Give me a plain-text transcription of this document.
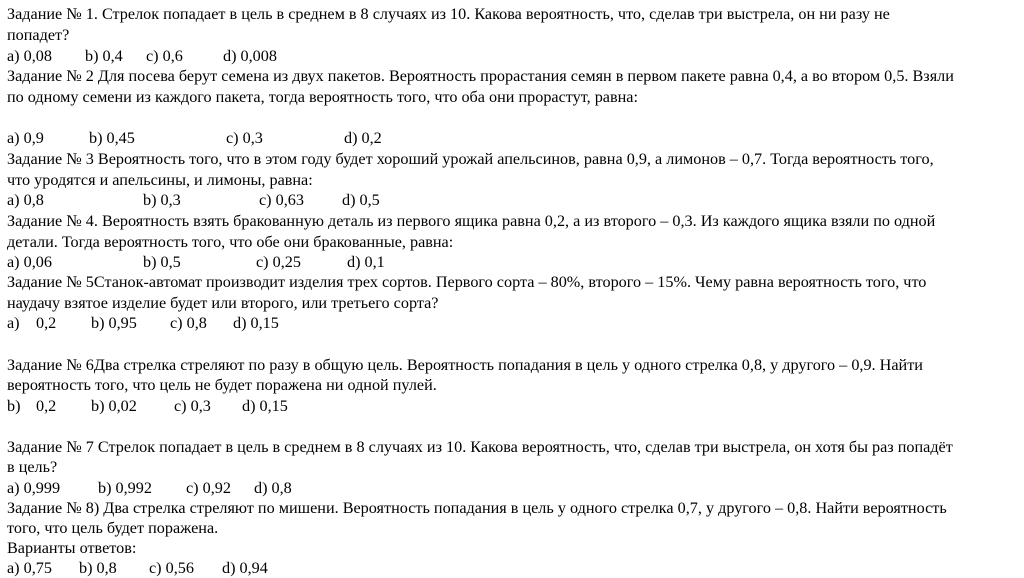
Задание № 1. Стрелок попадает в цель в среднем в 8 случаях из 10. Какова вероятность, что, сделав три выстрела, он ни разу не
попадет?
a) 0,08 b) 0,4 c) 0,6 d) 0,008
Задание № 2 Для посева берут семена из двух пакетов. Вероятность прорастания семян в первом пакете равна 0,4, а во втором 0,5. Взяли
по одному семени из каждого пакета, тогда вероятность того, что оба они прорастут, равна:
a) 0,9	b) 0,45	c) 0,3	d) 0,2
Задание № 3 Вероятность того, что в этом году будет хороший урожай апельсинов, равна 0,9, а лимонов – 0,7. Тогда вероятность того,
что уродятся и апельсины, и лимоны, равна:
a) 0,8	b) 0,3	c) 0,63 d) 0,5
Задание № 4. Вероятность взять бракованную деталь из первого ящика равна 0,2, а из второго – 0,3. Из каждого ящика взяли по одной
детали. Тогда вероятность того, что обе они бракованные, равна:
a) 0,06	b) 0,5	c) 0,25	d) 0,1
Задание № 5Станок-автомат производит изделия трех сортов. Первого сорта – 80%, второго – 15%. Чему равна вероятность того, что
наудачу взятое изделие будет или второго, или третьего сорта?
a) 0,2 b) 0,95 c) 0,8 d) 0,15
Задание № 6Два стрелка стреляют по разу в общую цель. Вероятность попадания в цель у одного стрелка 0,8, у другого – 0,9. Найти
вероятность того, что цель не будет поражена ни одной пулей.
b) 0,2 b) 0,02 c) 0,3 d) 0,15
Задание № 7 Стрелок попадает в цель в среднем в 8 случаях из 10. Какова вероятность, что, сделав три выстрела, он хотя бы раз попадёт
в цель?
a) 0,999 b) 0,992 c) 0,92 d) 0,8
Задание № 8) Два стрелка стреляют по мишени. Вероятность попадания в цель у одного стрелка 0,7, у другого – 0,8. Найти вероятность
того, что цель будет поражена.
Варианты ответов:
a) 0,75 b) 0,8 c) 0,56 d) 0,94
